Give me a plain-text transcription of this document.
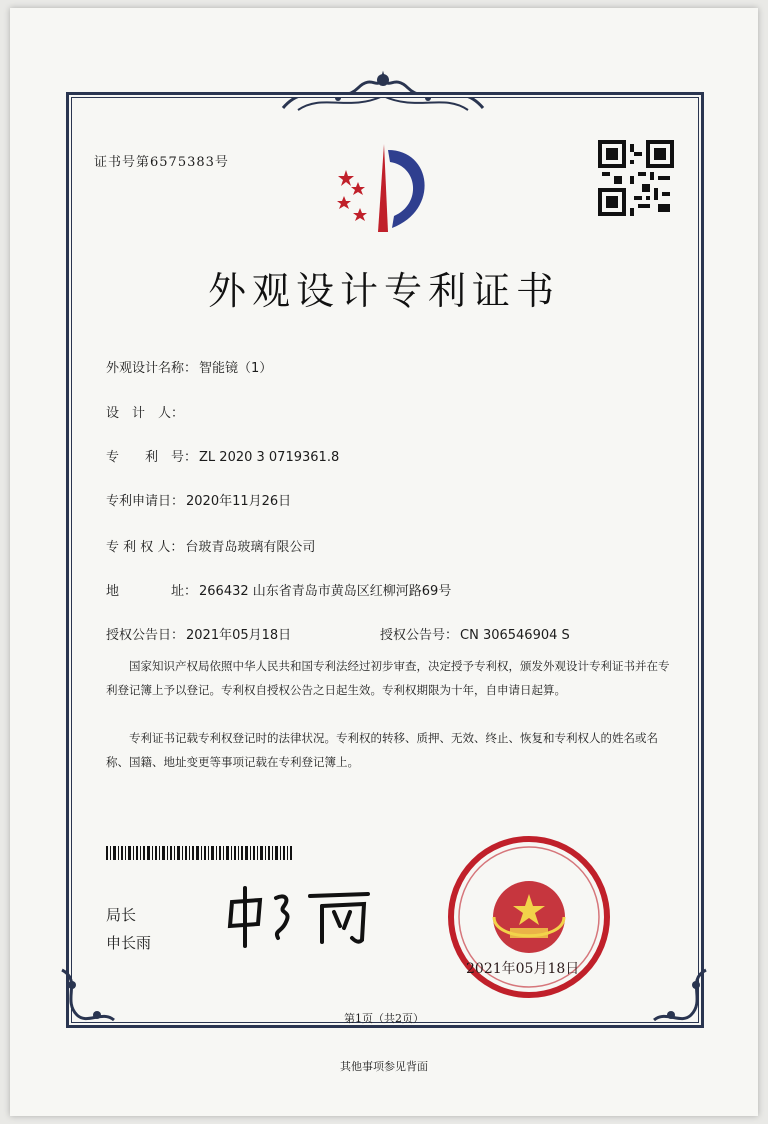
证书号第6575383号
外观设计专利证书
外观设计名称： 智能镜（1）
设　计　人：
专　　利　号： ZL 2020 3 0719361.8
专利申请日： 2020年11月26日
专 利 权 人： 台玻青岛玻璃有限公司
地　　　　址： 266432 山东省青岛市黄岛区红柳河路69号
授权公告日： 2021年05月18日	授权公告号： CN 306546904 S
国家知识产权局依照中华人民共和国专利法经过初步审查，决定授予专利权，颁发外观设计专利证书并在专利登记簿上予以登记。专利权自授权公告之日起生效。专利权期限为十年，自申请日起算。
专利证书记载专利权登记时的法律状况。专利权的转移、质押、无效、终止、恢复和专利权人的姓名或名称、国籍、地址变更等事项记载在专利登记簿上。
局长
申长雨
2021年05月18日
第1页（共2页）
其他事项参见背面
